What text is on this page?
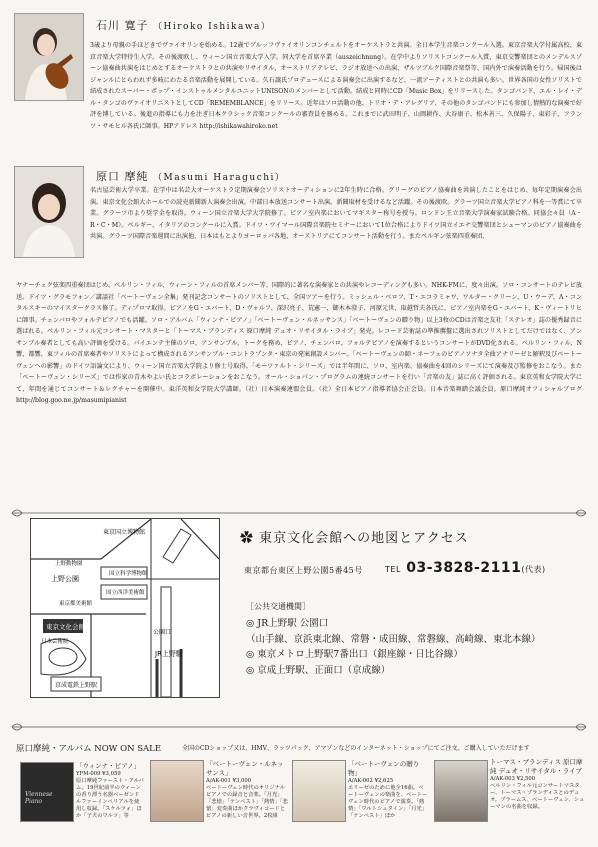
石川 寛子 （Hiroko Ishikawa）

3歳より母親の手ほどきでヴァイオリンを始める。12歳でブルッフヴァイオリンコンチェルトをオーケストラと共演。全日本学生音楽コンクール入選。東京音楽大学付属高校、東京音楽大学特待生入学。その後渡欧し、ウィーン国立音楽大学入学。同大学を首席卒業（auszeichnung）。在学中よりソリストコンクール入賞、東京交響楽団とのメンデルスゾーン協奏曲共演をはじめとするオーケストラとの共演やリサイタル、オーストリアテレビ、ラジオ放送への出演、ザルツブルク国際音楽祭等、国内外で演奏活動を行う。帰国後はジャンルにとらわれず多岐にわたる音楽活動を展開している。久石譲氏プロデュースによる演奏会に出演するなど、一流アーティストとの共演も多い。世界各国の女性ソリストで結成されたスーパー・ポップ・インストゥルメンタルユニットUNISONのメンバーとして活動。結成と同時にCD「Music Box」をリリースした。タンゴバンド、エル・レイ・デル・タンゴのヴァイオリニストとしてCD「REMEMBLANCE」をリリース。近年はソロ活動の他、トリオ・デ・アレグリア、その他のタンゴバンドにも参加し情熱的な演奏で好評を博している。後進の指導にも力を注ぎ日本クラシック音楽コンクールの審査員を務める。これまでに武田明子、山岡耕作、大谷康子、松本善三、久保陽子、東彩子、フランツ・サモヒル各氏に師事。HPアドレス http://ishikawahiroko.net

原口 摩純 （Masumi Haraguchi）

名古屋芸術大学卒業。在学中は名芸大オーケストラ定期演奏会ソリストオーディションに2年生時に合格。グリーグのピアノ協奏曲を共演したことをはじめ、毎年定期演奏会出演。東京文化会館大ホールでの読売新聞新人演奏会出演。中部日本放送コンサート出演。新聞取材を受けるなど活躍。その後渡欧。グラーツ国立音楽大学ピアノ科を一等賞にて卒業。グラーツ市より奨学金を取得。ウィーン国立音楽大学大学院修了。ピアノ室内楽においてマギスター称号を授与。ロンドン王立音楽大学演奏家試験合格。同協会々員（A・R・C・M）。ペルギー、イタリアのコンクールに入賞。ドイツ・ワイマール国際音楽院セミナーにおいて1位合格によりドイツ国立イエナ交響楽団とシューマンのピアノ協奏曲を共演。グラーツ国際音楽週間に出演他、日本はもとよりヨーロッパ各地、オーストリアにてコンサート活動を行う。またペルギン弦楽四重奏団、

ヤナーチェク弦楽四重奏団はじめ、ベルリン・フィル、ウィーン・フィルの首席メンバー等、国際的に著名な演奏家との共演やレコーディングも多い。NHK-FMに、度々出演。ソロ・コンサートのテレビ放送。ドイツ・グラモフォン／講談社「ベートーヴェン全集」発刊記念コンサートのソリストとして、全国ツアーを行う。ミッシェル・ベロフ、T・エコラミャワ、ワルター・クリーン、U・ウーデ、A・コンタルスキーのマイスタークラス修了。ディプロマ取得。ピアノをG・エバート、D・ヴォルフ、深沢亮子、荒憲一、御木本澄子、河原元世、取越哲夫各氏に、ピアノ室内楽をG・エバート、K・ヴィートリヒに師事。チェンバロやフォルテピアノでも活躍。ソロ・アルバム「ウィンナ・ピアノ」「ベートーヴェン・ルネッサンス」「ベートーヴェンの贈り物」以上3枚のCDは音楽之友社「ステレオ」誌の優秀録音に選ばれる。ペルリン・フィル元コンサート・マスターと「トーマス・ブランディス 原口摩純 デュオ・リサイタル・ライブ」発売。レコード芸術誌の準推薦盤に選出されソリストとしてだけではなく、アンサンブル奏者としても高い評価を受ける。パイエンテ主催のソロ、アンサンブル、トークを務め、ピアノ、チェンバロ、フォルテピアノを演奏するというコンサートがDVD化される。ベルリン・フィル、N響、都響、東フィルの首席奏者やソリストによって構成されるアンサンブル・コントラプンタ・東京の発案創設メンバー。「ベートーヴェンの師・ネーフェのピアノソナタ全曲アナリーゼと解釈及びベートーヴェンへの影響」のドイツ語論文により、ウィーン国立音楽大学院より修士号取得。「モーツァルト・シリーズ」では半年間に、ソロ、室内楽、協奏曲を4回のシリーズにて演奏及び監修をおこなう。また「ベートーヴェン・シリーズ」では作家の青木やよい氏とコラボレーションをおこなう。オール・ショパン・プログラムの連続コンサートを行い「音楽の友」誌に高く評価される。東京英和女学院大学にて、年間を通じてコンサート＆レクチャーを開催中。東洋英和女学院大学講師。（社）日本演奏連盟会員。（社）全日本ピアノ指導者協会正会員。日本音楽舞踏会議会員。原口摩純オフィシャルブログ http://blog.goo.ne.jp/masumipianist

東京国立博物館
国立科学博物館
国立西洋美術館
上野公園
上野動物園
東京都美術館
東京文化会館
公園口
JR上野駅
日本芸術院
京成電鉄上野駅
✿ 東京文化会館への地図とアクセス
東京都台東区上野公園5番45号	TEL 03-3828-2111(代表)
［公共交通機関］
◎ JR上野駅 公園口
（山手線、京浜東北線、常磐・成田線、常磐線、高崎線、東北本線）
◎ 東京メトロ上野駅7番出口（銀座線・日比谷線）
◎ 京成上野駅、正面口（京成線）
原口摩純・アルバム NOW ON SALE	全国のCDショップ又は、HMV、ラッツパック、アマゾンなどのインターネット・ショップにてご注文、ご購入していただけます
Viennese Piano
「ウィンナ・ピアノ」
YFM-009 ¥3,059
原口摩純ファースト・アルバム。19世紀前半のウィーンの香り漂う名器ベーゼンドルファーインペリアルを使用し収録。「スケルツォ」ほか「子犬のワルツ」等
「ベートーヴェン・ルネッサンス」
A/AK-001 ¥3,000
ベートーヴェン時代のオリジナルピアノでの録音と音楽。「月光」「悲愴」「テンペスト」「熱情」「悲愴」変奏曲ほかクラヴィコードとピアノの新しい音世界。2枚組
「ベートーヴェンの贈り物」
A/AK-002 ¥2,625
エリーゼのために他全16曲。ベートーヴェンの楽曲を、ベートーヴェン時代のピアノで演奏。「熱情」「ワルトシュタイン」「月光」「テンペスト」ほか
トーマス・ブランディス 原口摩純 デュオ・リサイタル・ライブ
A/AK-003 ¥2,500
ベルリン・フィル元コンサートマスター、トーマス・ブランディスとのデュオ。ブラームス、ベートーヴェン、シューマンの名曲を収録。
